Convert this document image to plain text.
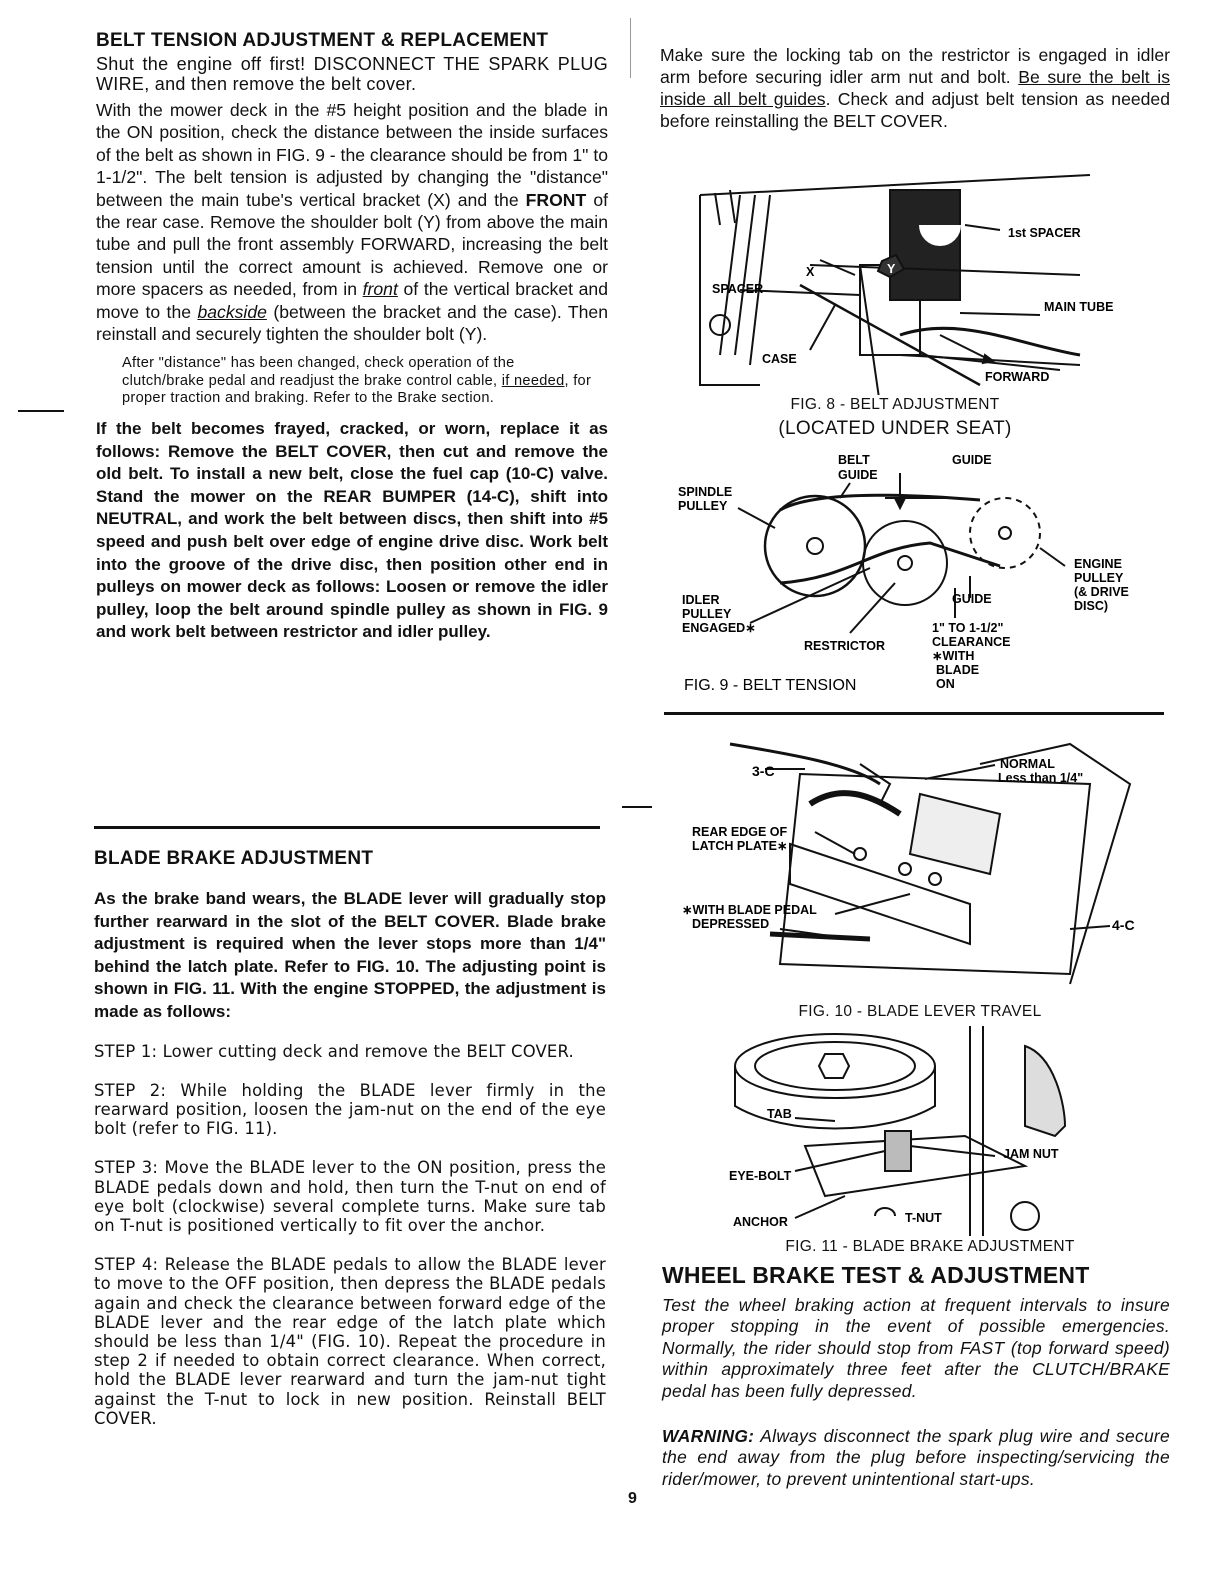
BELT TENSION ADJUSTMENT & REPLACEMENT

Shut the engine off first! DISCONNECT THE SPARK PLUG WIRE, and then remove the belt cover.

With the mower deck in the #5 height position and the blade in the ON position, check the distance between the inside surfaces of the belt as shown in FIG. 9 - the clearance should be from 1" to 1-1/2". The belt tension is adjusted by changing the "distance" between the main tube's vertical bracket (X) and the FRONT of the rear case. Remove the shoulder bolt (Y) from above the main tube and pull the front assembly FORWARD, increasing the belt tension until the correct amount is achieved. Remove one or more spacers as needed, from in front of the vertical bracket and move to the backside (between the bracket and the case). Then reinstall and securely tighten the shoulder bolt (Y).

After "distance" has been changed, check operation of the clutch/brake pedal and readjust the brake control cable, if needed, for proper traction and braking. Refer to the Brake section.

If the belt becomes frayed, cracked, or worn, replace it as follows: Remove the BELT COVER, then cut and remove the old belt. To install a new belt, close the fuel cap (10-C) valve. Stand the mower on the REAR BUMPER (14-C), shift into NEUTRAL, and work the belt between discs, then shift into #5 speed and push belt over edge of engine drive disc. Work belt into the groove of the drive disc, then position other end in pulleys on mower deck as follows: Loosen or remove the idler pulley, loop the belt around spindle pulley as shown in FIG. 9 and work belt between restrictor and idler pulley.

BLADE BRAKE ADJUSTMENT

As the brake band wears, the BLADE lever will gradually stop further rearward in the slot of the BELT COVER. Blade brake adjustment is required when the lever stops more than 1/4" behind the latch plate. Refer to FIG. 10. The adjusting point is shown in FIG. 11. With the engine STOPPED, the adjustment is made as follows:

STEP 1: Lower cutting deck and remove the BELT COVER.

STEP 2: While holding the BLADE lever firmly in the rearward position, loosen the jam-nut on the end of the eye bolt (refer to FIG. 11).

STEP 3: Move the BLADE lever to the ON position, press the BLADE pedals down and hold, then turn the T-nut on end of eye bolt (clockwise) several complete turns. Make sure tab on T-nut is positioned vertically to fit over the anchor.

STEP 4: Release the BLADE pedals to allow the BLADE lever to move to the OFF position, then depress the BLADE pedals again and check the clearance between forward edge of the BLADE lever and the rear edge of the latch plate which should be less than 1/4" (FIG. 10). Repeat the procedure in step 2 if needed to obtain correct clearance. When correct, hold the BLADE lever rearward and turn the jam-nut tight against the T-nut to lock in new position. Reinstall BELT COVER.

Make sure the locking tab on the restrictor is engaged in idler arm before securing idler arm nut and bolt. Be sure the belt is inside all belt guides. Check and adjust belt tension as needed before reinstalling the BELT COVER.

1st SPACER
MAIN TUBE
SPACER
CASE
FORWARD
X	Y
FIG. 8 - BELT ADJUSTMENT
(LOCATED UNDER SEAT)
BELT
GUIDE
GUIDE
SPINDLE
PULLEY
ENGINE
PULLEY
(& DRIVE
DISC)
GUIDE
IDLER
PULLEY
ENGAGED∗
RESTRICTOR
1" TO 1-1/2"
CLEARANCE
∗WITH
BLADE
ON
FIG. 9 - BELT TENSION
3-C	NORMAL
Less than 1/4"
REAR EDGE OF
LATCH PLATE∗
∗WITH BLADE PEDAL
DEPRESSED	4-C
FIG. 10 - BLADE LEVER TRAVEL
TAB
JAM NUT
EYE-BOLT
ANCHOR	T-NUT
FIG. 11 - BLADE BRAKE ADJUSTMENT
WHEEL BRAKE TEST & ADJUSTMENT

Test the wheel braking action at frequent intervals to insure proper stopping in the event of possible emergencies. Normally, the rider should stop from FAST (top forward speed) within approximately three feet after the CLUTCH/BRAKE pedal has been fully depressed.

WARNING: Always disconnect the spark plug wire and secure the end away from the plug before inspecting/servicing the rider/mower, to prevent unintentional start-ups.

9
